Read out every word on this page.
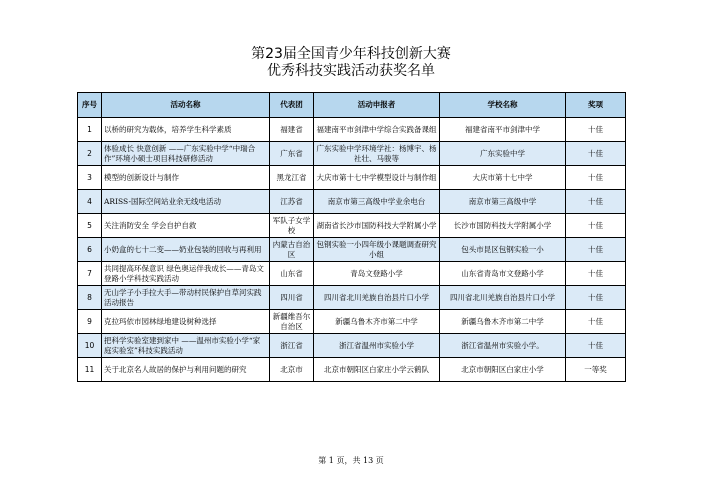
第23届全国青少年科技创新大赛
优秀科技实践活动获奖名单
序号	活动名称	代表团	活动申报者	学校名称	奖项
1	以桥的研究为载体，培养学生科学素质	福建省	福建南平市剑津中学综合实践备课组	福建省南平市剑津中学	十佳
2	体验成长 快意创新 ——广东实验中学“中瑞合作”环境小硕士项目科技研修活动	广东省	广东实验中学环境学社：杨博宇、杨社壮、马骏等	广东实验中学	十佳
3	模型的创新设计与制作	黑龙江省	大庆市第十七中学模型设计与制作组	大庆市第十七中学	十佳
4	ARISS-国际空间站业余无线电活动	江苏省	南京市第三高级中学业余电台	南京市第三高级中学	十佳
5	关注消防安全 学会自护自救	军队子女学校	湖南省长沙市国防科技大学附属小学	长沙市国防科技大学附属小学	十佳
6	小奶盒的七十二变——奶业包装的回收与再利用	内蒙古自治区	包钢实验一小四年级小课题调查研究小组	包头市昆区包钢实验一小	十佳
7	共同提高环保意识 绿色奥运伴我成长——青岛文登路小学科技实践活动	山东省	青岛文登路小学	山东省青岛市文登路小学	十佳
8	无山学子小手拉大手—带动村民保护自草河实践活动报告	四川省	四川省北川羌族自治县片口小学	四川省北川羌族自治县片口小学	十佳
9	克拉玛依市园林绿地建设树种选择	新疆维吾尔自治区	新疆乌鲁木齐市第二中学	新疆乌鲁木齐市第二中学	十佳
10	把科学实验室建到家中 ——温州市实验小学“家庭实验室”科技实践活动	浙江省	浙江省温州市实验小学	浙江省温州市实验小学。	十佳
11	关于北京名人故居的保护与利用问题的研究	北京市	北京市朝阳区白家庄小学云鹤队	北京市朝阳区白家庄小学	一等奖
第 1 页，共 13 页
